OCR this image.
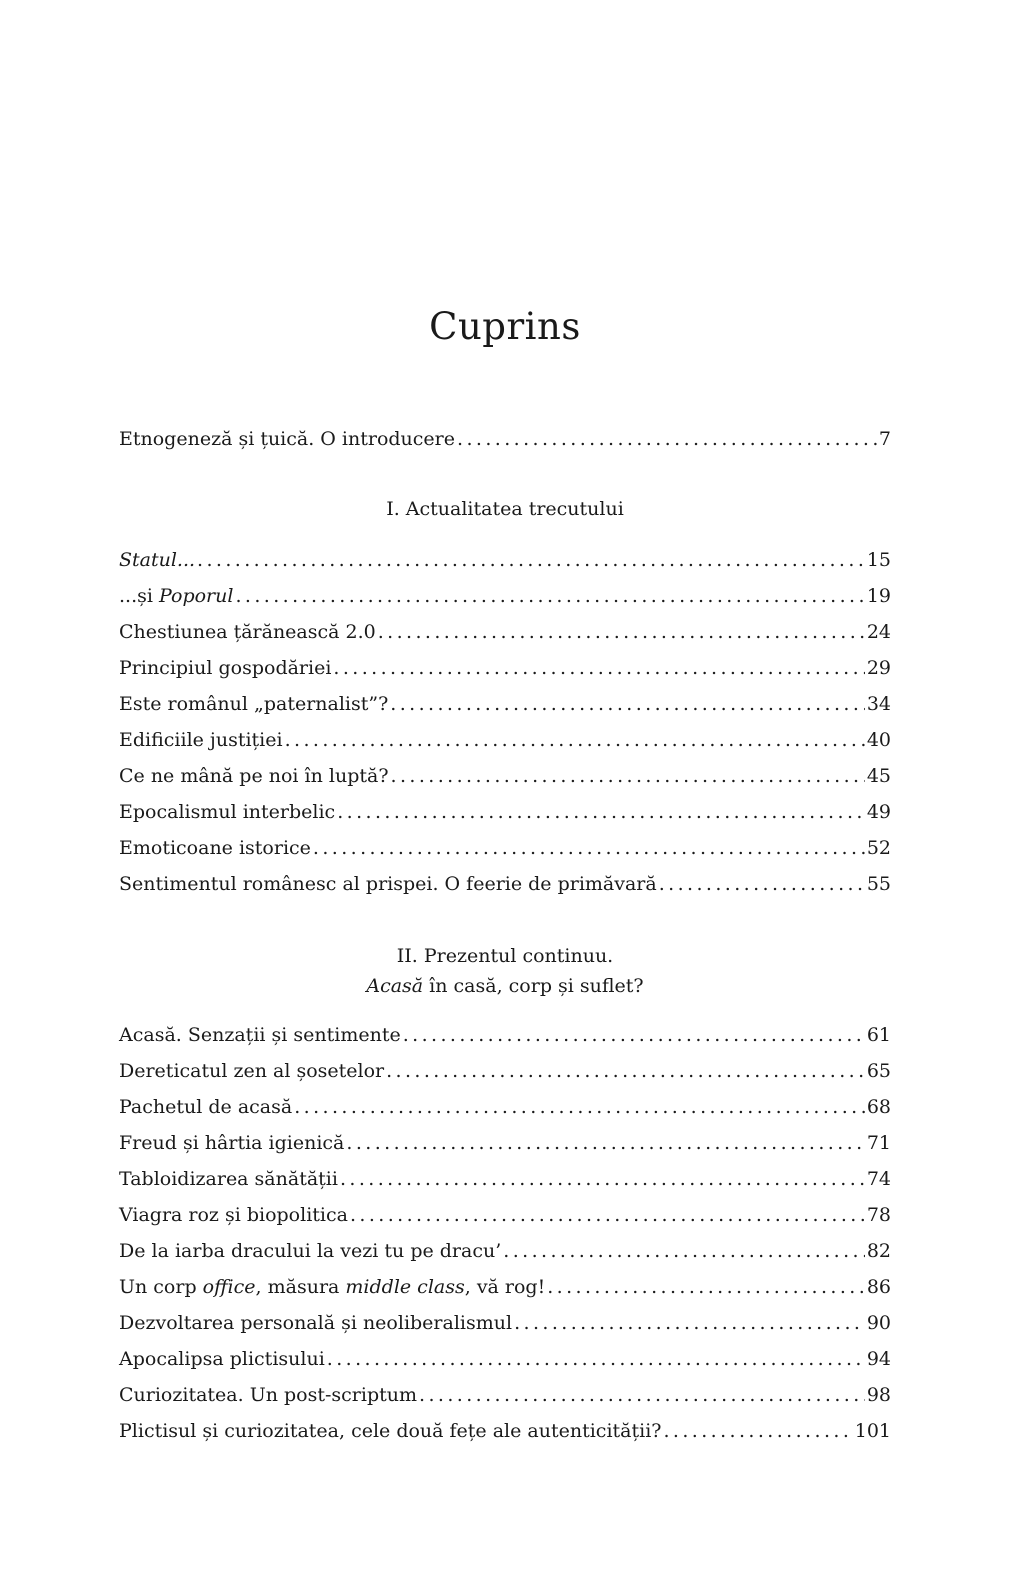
Cuprins
Etnogeneză și țuică. O introducere .....	7
I. Actualitatea trecutului
Statul... .....	15
...și Poporul .....	19
Chestiunea țărănească 2.0 .....	24
Principiul gospodăriei .....	29
Este românul „paternalist”? .....	34
Edificiile justiției .....	40
Ce ne mână pe noi în luptă? .....	45
Epocalismul interbelic .....	49
Emoticoane istorice .....	52
Sentimentul românesc al prispei. O feerie de primăvară .....	55
II. Prezentul continuu.
Acasă în casă, corp și suflet?
Acasă. Senzații și sentimente .....	61
Dereticatul zen al șosetelor .....	65
Pachetul de acasă .....	68
Freud și hârtia igienică .....	71
Tabloidizarea sănătății .....	74
Viagra roz și biopolitica .....	78
De la iarba dracului la vezi tu pe dracu’ .....	82
Un corp office, măsura middle class, vă rog! .....	86
Dezvoltarea personală și neoliberalismul .....	90
Apocalipsa plictisului .....	94
Curiozitatea. Un post-scriptum .....	98
Plictisul și curiozitatea, cele două fețe ale autenticității? .....	101
